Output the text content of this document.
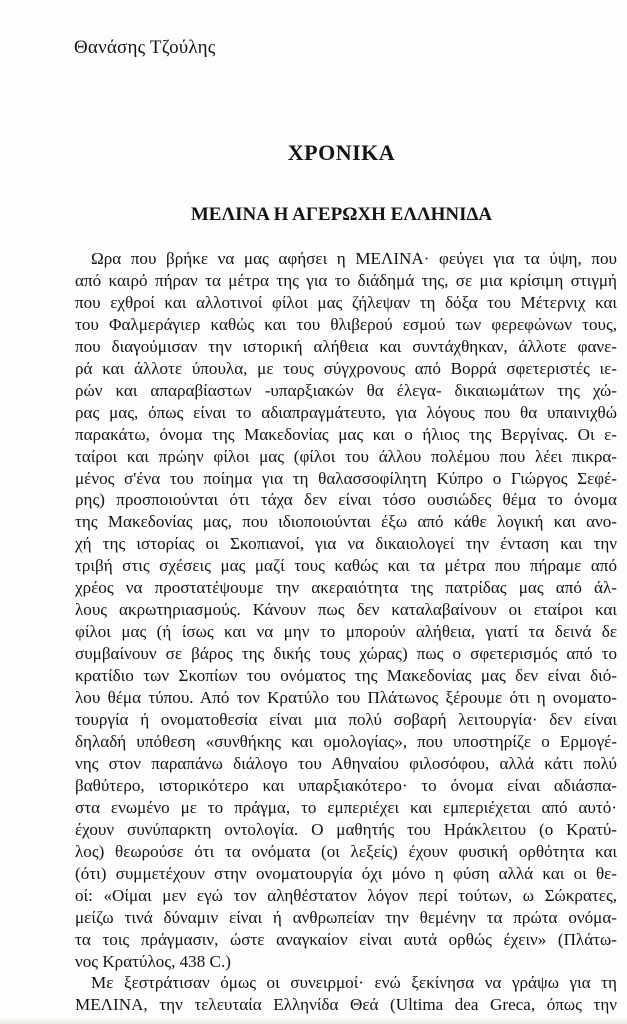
Θανάσης Τζούλης
ΧΡΟΝΙΚΑ
ΜΕΛΙΝΑ Η ΑΓΕΡΩΧΗ ΕΛΛΗΝΙΔΑ
Ωρα που βρήκε να μας αφήσει η ΜΕΛΙΝΑ· φεύγει για τα ύψη, που
από καιρό πήραν τα μέτρα της για το διάδημά της, σε μια κρίσιμη στιγμή
που εχθροί και αλλοτινοί φίλοι μας ζήλεψαν τη δόξα του Μέτερνιχ και
του Φαλμεράγιερ καθώς και του θλιβερού εσμού των φερεφώνων τους,
που διαγούμισαν την ιστορική αλήθεια και συντάχθηκαν, άλλοτε φανε-
ρά και άλλοτε ύπουλα, με τους σύγχρονους από Βορρά σφετεριστές ιε-
ρών και απαραβίαστων -υπαρξιακών θα έλεγα- δικαιωμάτων της χώ-
ρας μας, όπως είναι το αδιαπραγμάτευτο, για λόγους που θα υπαινιχθώ
παρακάτω, όνομα της Μακεδονίας μας και ο ήλιος της Βεργίνας. Οι ε-
ταίροι και πρώην φίλοι μας (φίλοι του άλλου πολέμου που λέει πικρα-
μένος σ'ένα του ποίημα για τη θαλασσοφίλητη Κύπρο ο Γιώργος Σεφέ-
ρης) προσποιούνται ότι τάχα δεν είναι τόσο ουσιώδες θέμα το όνομα
της Μακεδονίας μας, που ιδιοποιούνται έξω από κάθε λογική και ανο-
χή της ιστορίας οι Σκοπιανοί, για να δικαιολογεί την ένταση και την
τριβή στις σχέσεις μας μαζί τους καθώς και τα μέτρα που πήραμε από
χρέος να προστατέψουμε την ακεραιότητα της πατρίδας μας από άλ-
λους ακρωτηριασμούς. Κάνουν πως δεν καταλαβαίνουν οι εταίροι και
φίλοι μας (ή ίσως και να μην το μπορούν αλήθεια, γιατί τα δεινά δε
συμβαίνουν σε βάρος της δικής τους χώρας) πως ο σφετερισμός από το
κρατίδιο των Σκοπίων του ονόματος της Μακεδονίας μας δεν είναι διό-
λου θέμα τύπου. Από τον Κρατύλο του Πλάτωνος ξέρουμε ότι η ονοματο-
τουργία ή ονοματοθεσία είναι μια πολύ σοβαρή λειτουργία· δεν είναι
δηλαδή υπόθεση «συνθήκης και ομολογίας», που υποστηρίζε ο Ερμογέ-
νης στον παραπάνω διάλογο του Αθηναίου φιλοσόφου, αλλά κάτι πολύ
βαθύτερο, ιστορικότερο και υπαρξιακότερο· το όνομα είναι αδιάσπα-
στα ενωμένο με το πράγμα, το εμπεριέχει και εμπεριέχεται από αυτό·
έχουν συνύπαρκτη οντολογία. Ο μαθητής του Ηράκλειτου (ο Κρατύ-
λος) θεωρούσε ότι τα ονόματα (οι λεξείς) έχουν φυσική ορθότητα και
(ότι) συμμετέχουν στην ονοματουργία όχι μόνο η φύση αλλά και οι θε-
οί: «Οίμαι μεν εγώ τον αληθέστατον λόγον περί τούτων, ω Σώκρατες,
μείζω τινά δύναμιν είναι ή ανθρωπείαν την θεμένην τα πρώτα ονόμα-
τα τοις πράγμασιν, ώστε αναγκαίον είναι αυτά ορθώς έχειν» (Πλάτω-
νος Κρατύλος, 438 C.)
Με ξεστράτισαν όμως οι συνειρμοί· ενώ ξεκίνησα να γράψω για τη
ΜΕΛΙΝΑ, την τελευταία Ελληνίδα Θεά (Ultima dea Greca, όπως την
